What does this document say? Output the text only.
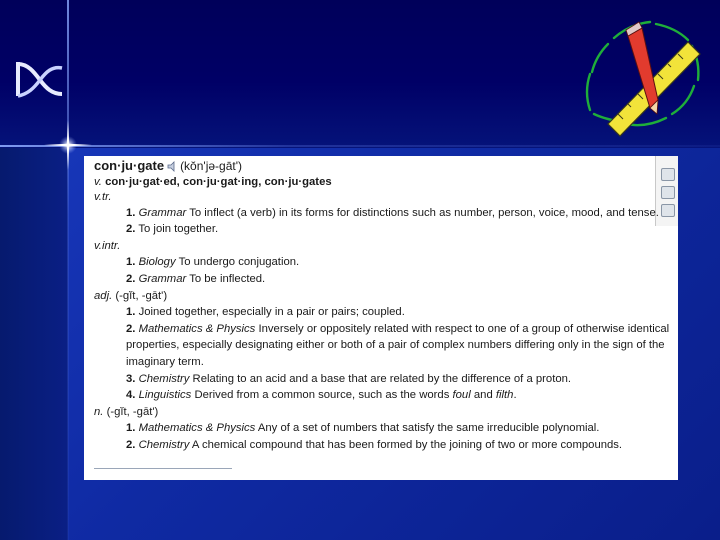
con·ju·gate (kŏn'jə-gāt')
v. con·ju·gat·ed, con·ju·gat·ing, con·ju·gates
v.tr.
1. Grammar To inflect (a verb) in its forms for distinctions such as number, person, voice, mood, and tense.
2. To join together.
v.intr.
1. Biology To undergo conjugation.
2. Grammar To be inflected.
adj. (-gĭt, -gāt')
1. Joined together, especially in a pair or pairs; coupled.
2. Mathematics & Physics Inversely or oppositely related with respect to one of a group of otherwise identical
properties, especially designating either or both of a pair of complex numbers differing only in the sign of the
imaginary term.
3. Chemistry Relating to an acid and a base that are related by the difference of a proton.
4. Linguistics Derived from a common source, such as the words foul and filth.
n. (-gĭt, -gāt')
1. Mathematics & Physics Any of a set of numbers that satisfy the same irreducible polynomial.
2. Chemistry A chemical compound that has been formed by the joining of two or more compounds.
